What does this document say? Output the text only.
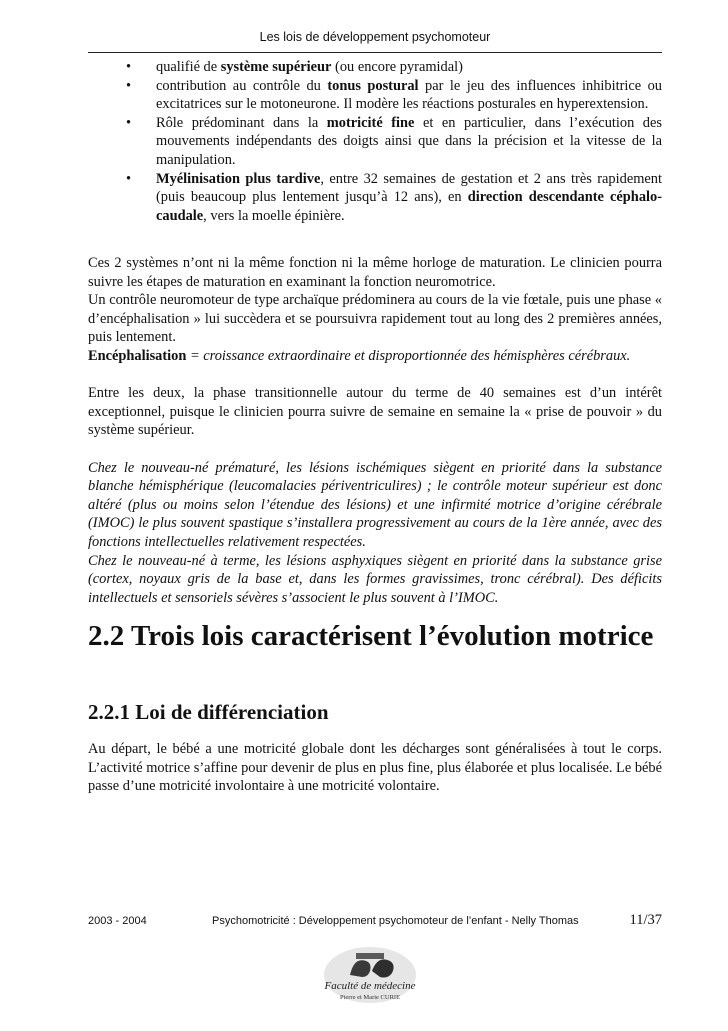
Les lois de développement psychomoteur
• qualifié de système supérieur (ou encore pyramidal)
• contribution au contrôle du tonus postural par le jeu des influences inhibitrice ou excitatrices sur le motoneurone. Il modère les réactions posturales en hyperextension.
• Rôle prédominant dans la motricité fine et en particulier, dans l’exécution des mouvements indépendants des doigts ainsi que dans la précision et la vitesse de la manipulation.
• Myélinisation plus tardive, entre 32 semaines de gestation et 2 ans très rapidement (puis beaucoup plus lentement jusqu’à 12 ans), en direction descendante céphalo-caudale, vers la moelle épinière.

Ces 2 systèmes n’ont ni la même fonction ni la même horloge de maturation. Le clinicien pourra suivre les étapes de maturation en examinant la fonction neuromotrice.

Un contrôle neuromoteur de type archaïque prédominera au cours de la vie fœtale, puis une phase « d’encéphalisation » lui succèdera et se poursuivra rapidement tout au long des 2 premières années, puis lentement.

Encéphalisation = croissance extraordinaire et disproportionnée des hémisphères cérébraux.

Entre les deux, la phase transitionnelle autour du terme de 40 semaines est d’un intérêt exceptionnel, puisque le clinicien pourra suivre de semaine en semaine la « prise de pouvoir » du système supérieur.

Chez le nouveau-né prématuré, les lésions ischémiques siègent en priorité dans la substance blanche hémisphérique (leucomalacies périventriculires) ; le contrôle moteur supérieur est donc altéré (plus ou moins selon l’étendue des lésions) et une infirmité motrice d’origine cérébrale (IMOC) le plus souvent spastique s’installera progressivement au cours de la 1ère année, avec des fonctions intellectuelles relativement respectées.

Chez le nouveau-né à terme, les lésions asphyxiques siègent en priorité dans la substance grise (cortex, noyaux gris de la base et, dans les formes gravissimes, tronc cérébral). Des déficits intellectuels et sensoriels sévères s’associent le plus souvent à l’IMOC.

2.2 Trois lois caractérisent l’évolution motrice
2.2.1 Loi de différenciation

Au départ, le bébé a une motricité globale dont les décharges sont généralisées à tout le corps. L’activité motrice s’affine pour devenir de plus en plus fine, plus élaborée et plus localisée. Le bébé passe d’une motricité involontaire à une motricité volontaire.

2003 - 2004	Psychomotricité : Développement psychomoteur de l’enfant - Nelly Thomas	11/37
Faculté de médecine
Pierre et Marie CURIE
